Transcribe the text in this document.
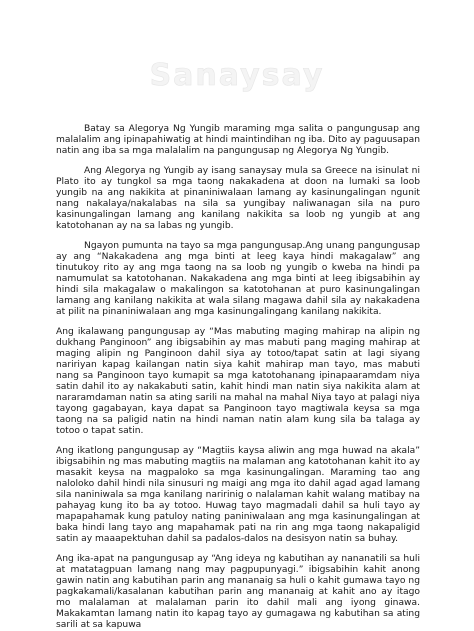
Sanaysay

Batay sa Alegorya Ng Yungib maraming mga salita o pangungusap ang malalalim ang ipinapahiwatig at hindi maintindihan ng iba. Dito ay paguusapan natin ang iba sa mga malalalim na pangungusap ng Alegorya Ng Yungib.

Ang Alegorya ng Yungib ay isang sanaysay mula sa Greece na isinulat ni Plato ito ay tungkol sa mga taong nakakadena at doon na lumaki sa loob yungib na ang nakikita at pinaniniwalaan lamang ay kasinungalingan ngunit nang nakalaya/nakalabas na sila sa yungibay naliwanagan sila na puro kasinungalingan lamang ang kanilang nakikita sa loob ng yungib at ang katotohanan ay na sa labas ng yungib.

Ngayon pumunta na tayo sa mga pangungusap.Ang unang pangungusap ay ang “Nakakadena ang mga binti at leeg kaya hindi makagalaw” ang tinutukoy rito ay ang mga taong na sa loob ng yungib o kweba na hindi pa namumulat sa katotohanan. Nakakadena ang mga binti at leeg ibigsabihin ay hindi sila makagalaw o makalingon sa katotohanan at puro kasinungalingan lamang ang kanilang nakikita at wala silang magawa dahil sila ay nakakadena at pilit na pinaniniwalaan ang mga kasinungalingang kanilang nakikita.

Ang ikalawang pangungusap ay “Mas mabuting maging mahirap na alipin ng dukhang Panginoon” ang ibigsabihin ay mas mabuti pang maging mahirap at maging alipin ng Panginoon dahil siya ay totoo/tapat satin at lagi siyang naririyan kapag kailangan natin siya kahit mahirap man tayo, mas mabuti nang sa Panginoon tayo kumapit sa mga katotohanang ipinapaaramdam niya satin dahil ito ay nakakabuti satin, kahit hindi man natin siya nakikita alam at nararamdaman natin sa ating sarili na mahal na mahal Niya tayo at palagi niya tayong gagabayan, kaya dapat sa Panginoon tayo magtiwala keysa sa mga taong na sa paligid natin na hindi naman natin alam kung sila ba talaga ay totoo o tapat satin.

Ang ikatlong pangungusap ay “Magtiis kaysa aliwin ang mga huwad na akala” ibigsabihin ng mas mabuting magtiis na malaman ang katotohanan kahit ito ay masakit keysa na magpaloko sa mga kasinungalingan. Maraming tao ang naloloko dahil hindi nila sinusuri ng maigi ang mga ito dahil agad agad lamang sila naniniwala sa mga kanilang naririnig o nalalaman kahit walang matibay na pahayag kung ito ba ay totoo. Huwag tayo magmadali dahil sa huli tayo ay mapapahamak kung patuloy nating paniniwalaan ang mga kasinungalingan at baka hindi lang tayo ang mapahamak pati na rin ang mga taong nakapaligid satin ay maaapektuhan dahil sa padalos-dalos na desisyon natin sa buhay.

Ang ika-apat na pangungusap ay “Ang ideya ng kabutihan ay nananatili sa huli at matatagpuan lamang nang may pagpupunyagi.” ibigsabihin kahit anong gawin natin ang kabutihan parin ang mananaig sa huli o kahit gumawa tayo ng pagkakamali/kasalanan kabutihan parin ang mananaig at kahit ano ay itago mo malalaman at malalaman parin ito dahil mali ang iyong ginawa. Makakamtan lamang natin ito kapag tayo ay gumagawa ng kabutihan sa ating sarili at sa kapuwa
